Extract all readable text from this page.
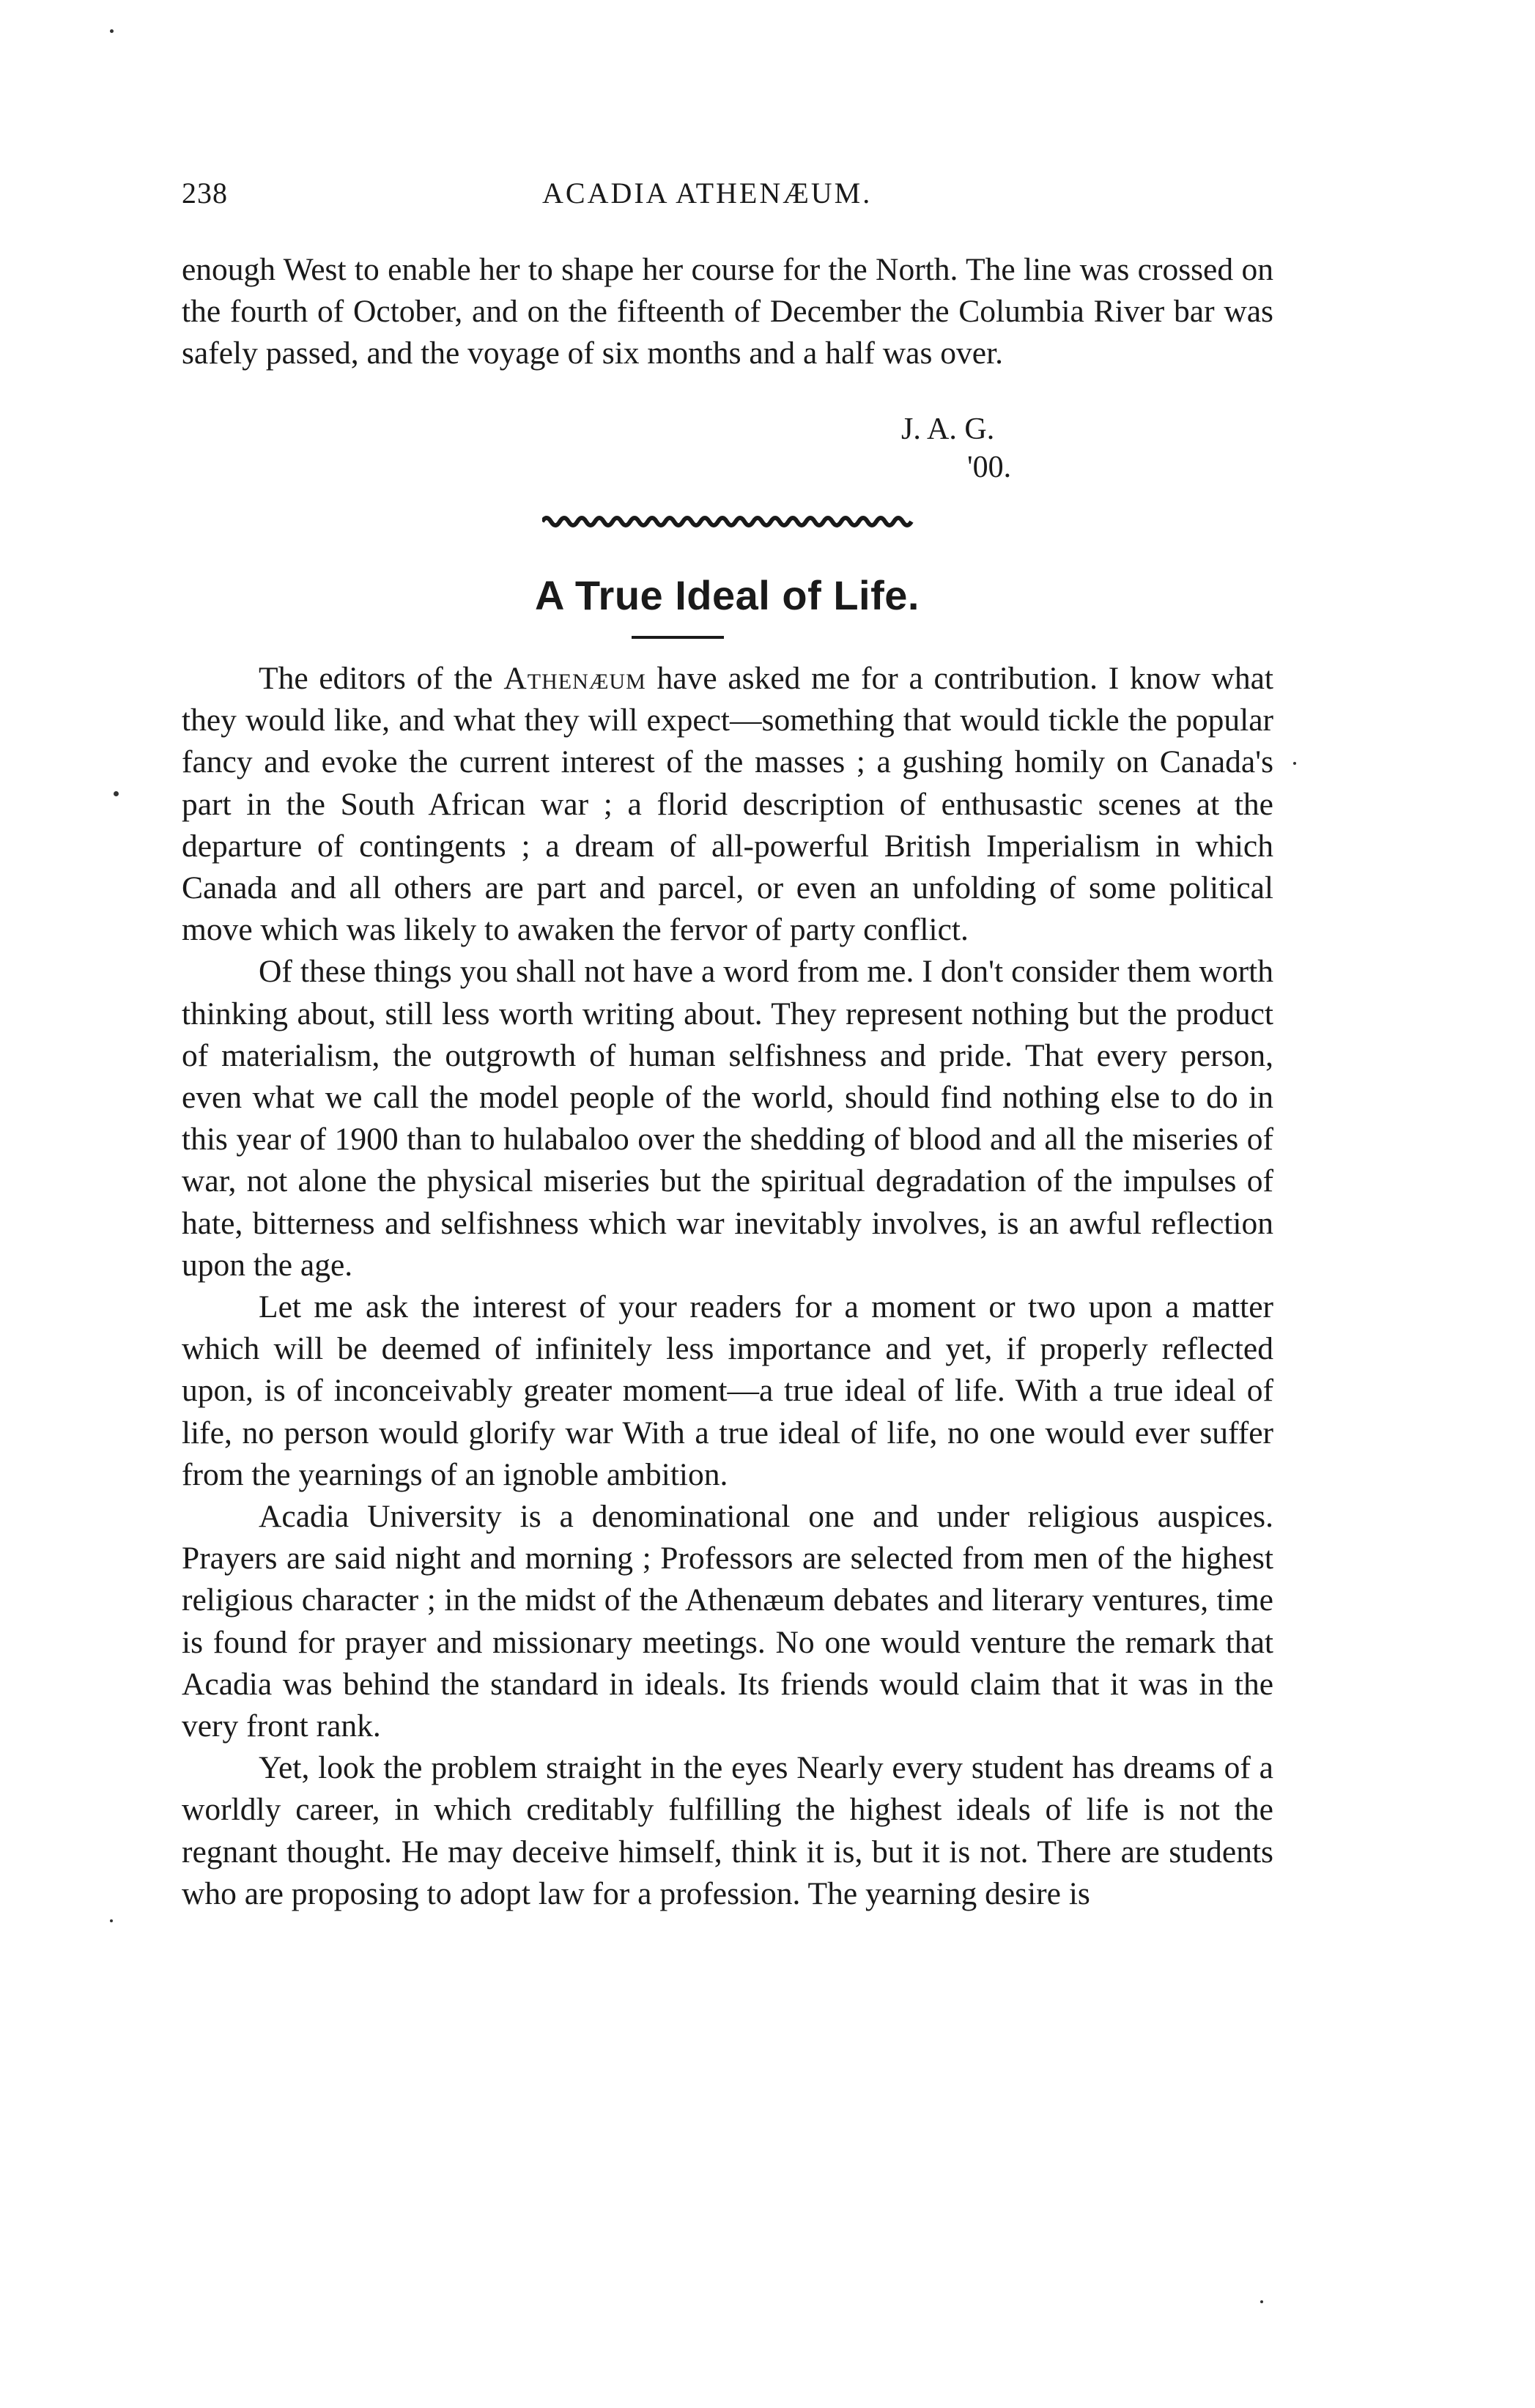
238	ACADIA ATHENÆUM.

enough West to enable her to shape her course for the North. The line was crossed on the fourth of October, and on the fifteenth of December the Columbia River bar was safely passed, and the voyage of six months and a half was over.

J. A. G.
'00.
A True Ideal of Life.

The editors of the Athenæum have asked me for a contribution. I know what they would like, and what they will expect—something that would tickle the popular fancy and evoke the current interest of the masses ; a gushing homily on Canada's part in the South African war ; a florid description of enthusastic scenes at the departure of contingents ; a dream of all-powerful British Imperialism in which Canada and all others are part and parcel, or even an unfolding of some political move which was likely to awaken the fervor of party conflict.

Of these things you shall not have a word from me. I don't consider them worth thinking about, still less worth writing about. They represent nothing but the product of materialism, the outgrowth of human selfishness and pride. That every person, even what we call the model people of the world, should find nothing else to do in this year of 1900 than to hulabaloo over the shedding of blood and all the miseries of war, not alone the physical miseries but the spiritual degradation of the impulses of hate, bitterness and selfishness which war inevitably involves, is an awful reflection upon the age.

Let me ask the interest of your readers for a moment or two upon a matter which will be deemed of infinitely less importance and yet, if properly reflected upon, is of inconceivably greater moment—a true ideal of life. With a true ideal of life, no person would glorify war With a true ideal of life, no one would ever suffer from the yearnings of an ignoble ambition.

Acadia University is a denominational one and under religious auspices. Prayers are said night and morning ; Professors are selected from men of the highest religious character ; in the midst of the Athenæum debates and literary ventures, time is found for prayer and missionary meetings. No one would venture the remark that Acadia was behind the standard in ideals. Its friends would claim that it was in the very front rank.

Yet, look the problem straight in the eyes Nearly every student has dreams of a worldly career, in which creditably fulfilling the highest ideals of life is not the regnant thought. He may deceive himself, think it is, but it is not. There are students who are proposing to adopt law for a profession. The yearning desire is
